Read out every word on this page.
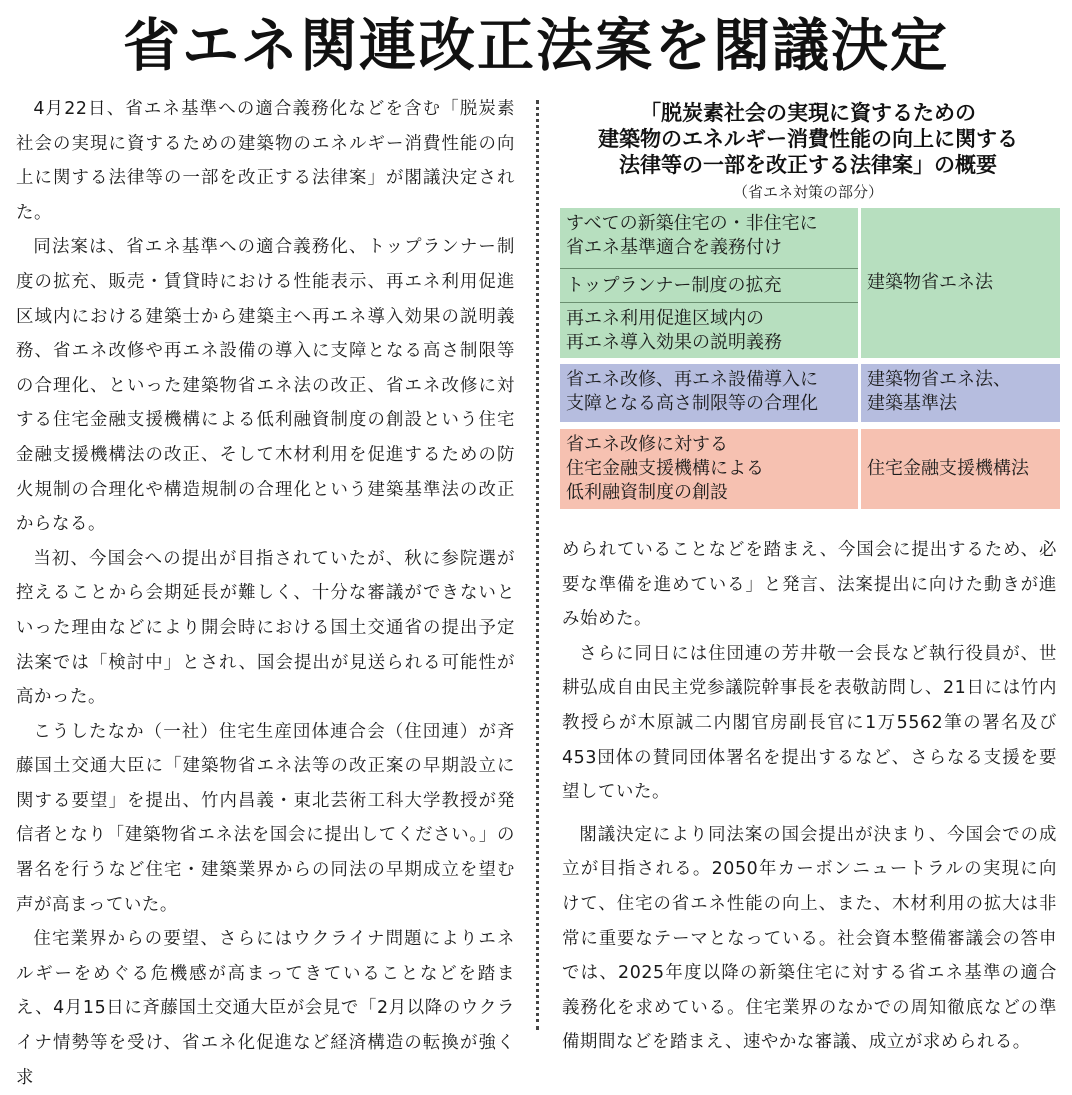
省エネ関連改正法案を閣議決定

4月22日、省エネ基準への適合義務化などを含む「脱炭素社会の実現に資するための建築物のエネルギー消費性能の向上に関する法律等の一部を改正する法律案」が閣議決定された。

同法案は、省エネ基準への適合義務化、トップランナー制度の拡充、販売・賃貸時における性能表示、再エネ利用促進区域内における建築士から建築主へ再エネ導入効果の説明義務、省エネ改修や再エネ設備の導入に支障となる高さ制限等の合理化、といった建築物省エネ法の改正、省エネ改修に対する住宅金融支援機構による低利融資制度の創設という住宅金融支援機構法の改正、そして木材利用を促進するための防火規制の合理化や構造規制の合理化という建築基準法の改正からなる。

当初、今国会への提出が目指されていたが、秋に参院選が控えることから会期延長が難しく、十分な審議ができないといった理由などにより開会時における国土交通省の提出予定法案では「検討中」とされ、国会提出が見送られる可能性が高かった。

こうしたなか（一社）住宅生産団体連合会（住団連）が斉藤国土交通大臣に「建築物省エネ法等の改正案の早期設立に関する要望」を提出、竹内昌義・東北芸術工科大学教授が発信者となり「建築物省エネ法を国会に提出してください。」の署名を行うなど住宅・建築業界からの同法の早期成立を望む声が高まっていた。

住宅業界からの要望、さらにはウクライナ問題によりエネルギーをめぐる危機感が高まってきていることなどを踏まえ、4月15日に斉藤国土交通大臣が会見で「2月以降のウクライナ情勢等を受け、省エネ化促進など経済構造の転換が強く求

「脱炭素社会の実現に資するための
建築物のエネルギー消費性能の向上に関する
法律等の一部を改正する法律案」の概要
（省エネ対策の部分）
すべての新築住宅の・非住宅に
省エネ基準適合を義務付け
トップランナー制度の拡充
再エネ利用促進区域内の
再エネ導入効果の説明義務
建築物省エネ法
省エネ改修、再エネ設備導入に
支障となる高さ制限等の合理化
建築物省エネ法、
建築基準法
省エネ改修に対する
住宅金融支援機構による
低利融資制度の創設
住宅金融支援機構法

められていることなどを踏まえ、今国会に提出するため、必要な準備を進めている」と発言、法案提出に向けた動きが進み始めた。

さらに同日には住団連の芳井敬一会長など執行役員が、世耕弘成自由民主党参議院幹事長を表敬訪問し、21日には竹内教授らが木原誠二内閣官房副長官に1万5562筆の署名及び453団体の賛同団体署名を提出するなど、さらなる支援を要望していた。

閣議決定により同法案の国会提出が決まり、今国会での成立が目指される。2050年カーボンニュートラルの実現に向けて、住宅の省エネ性能の向上、また、木材利用の拡大は非常に重要なテーマとなっている。社会資本整備審議会の答申では、2025年度以降の新築住宅に対する省エネ基準の適合義務化を求めている。住宅業界のなかでの周知徹底などの準備期間などを踏まえ、速やかな審議、成立が求められる。
